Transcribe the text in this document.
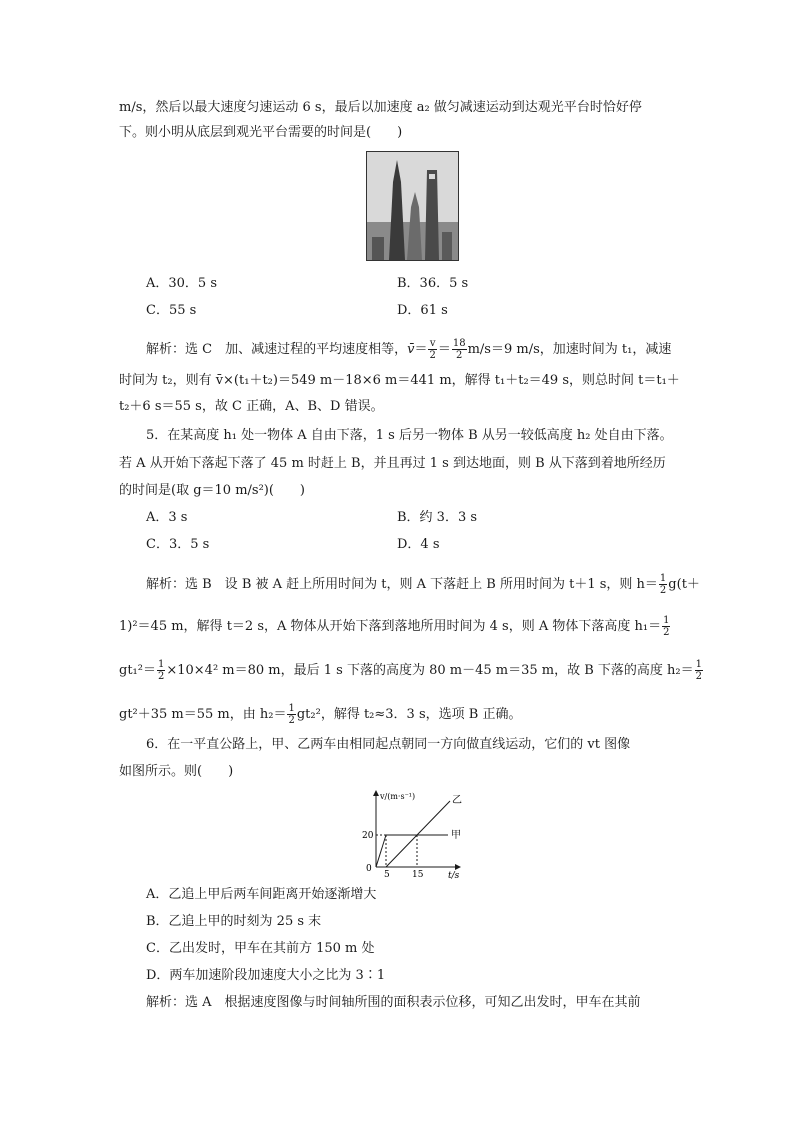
m/s，然后以最大速度匀速运动 6 s，最后以加速度 a₂ 做匀减速运动到达观光平台时恰好停
下。则小明从底层到观光平台需要的时间是(　　)
A．30．5 s	B．36．5 s
C．55 s	D．61 s
解析：选 C　加、减速过程的平均速度相等，v̄＝ $\frac{v}{2} = \frac{18}{2} m/s=9$ m/s，加速时间为 t₁，减速
时间为 t₂，则有 v̄×(t₁＋t₂)＝549 m－18×6 m＝441 m，解得 t₁＋t₂＝49 s，则总时间 t＝t₁＋
t₂＋6 s＝55 s，故 C 正确，A、B、D 错误。
5．在某高度 h₁ 处一物体 A 自由下落，1 s 后另一物体 B 从另一较低高度 h₂ 处自由下落。
若 A 从开始下落起下落了 45 m 时赶上 B，并且再过 1 s 到达地面，则 B 从下落到着地所经历
的时间是(取 g＝10 m/s²)(　　)
A．3 s	B．约 3．3 s
C．3．5 s	D．4 s
解析：选 B　设 B 被 A 赶上所用时间为 t，则 A 下落赶上 B 所用时间为 t＋1 s，则 $h= \frac{1}{2} g(t+$
1)²＝45 m，解得 t＝2 s，A 物体从开始下落到落地所用时间为 4 s，则 A 物体下落高度 $h_1= \frac{1}{2}$
$gt_1^2= \frac{1}{2} \times 10\times 4^2$ m＝80 m，最后 1 s 下落的高度为 80 m－45 m＝35 m，故 B 下落的高度 $h_2= \frac{1}{2}$
gt²＋35 m＝55 m，由 $h_2= \frac{1}{2} gt_2^2$，解得 t₂≈3．3 s，选项 B 正确。
6．在一平直公路上，甲、乙两车由相同起点朝同一方向做直线运动，它们的 vt 图像
如图所示。则(　　)
v/(m·s⁻¹)
20
0
5 15	t/s
甲
乙
A．乙追上甲后两车间距离开始逐渐增大
B．乙追上甲的时刻为 25 s 末
C．乙出发时，甲车在其前方 150 m 处
D．两车加速阶段加速度大小之比为 3∶1
解析：选 A　根据速度图像与时间轴所围的面积表示位移，可知乙出发时，甲车在其前
